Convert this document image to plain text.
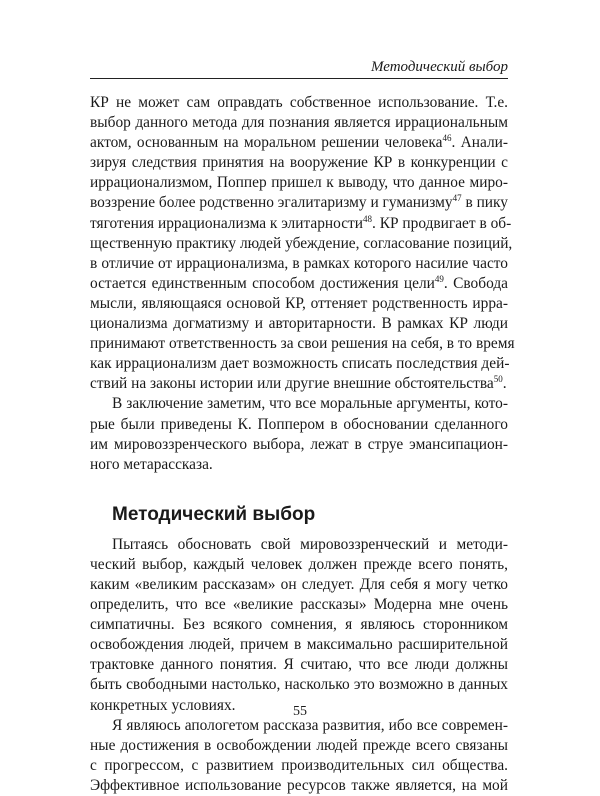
Методический выбор
КР не может сам оправдать собственное использование. Т.е.
выбор данного метода для познания является иррациональным
актом, основанным на моральном решении человека$^{46}$. Анали-
зируя следствия принятия на вооружение КР в конкуренции с
иррационализмом, Поппер пришел к выводу, что данное миро-
воззрение более родственно эгалитаризму и гуманизму$^{47}$ в пику
тяготения иррационализма к элитарности$^{48}$. КР продвигает в об-
щественную практику людей убеждение, согласование позиций,
в отличие от иррационализма, в рамках которого насилие часто
остается единственным способом достижения цели$^{49}$. Свобода
мысли, являющаяся основой КР, оттеняет родственность ирра-
ционализма догматизму и авторитарности. В рамках КР люди
принимают ответственность за свои решения на себя, в то время
как иррационализм дает возможность списать последствия дей-
ствий на законы истории или другие внешние обстоятельства$^{50}$.
В заключение заметим, что все моральные аргументы, кото-
рые были приведены К. Поппером в обосновании сделанного
им мировоззренческого выбора, лежат в струе эмансипацион-
ного метарассказа.
Методический выбор
Пытаясь обосновать свой мировоззренческий и методи-
ческий выбор, каждый человек должен прежде всего понять,
каким «великим рассказам» он следует. Для себя я могу четко
определить, что все «великие рассказы» Модерна мне очень
симпатичны. Без всякого сомнения, я являюсь сторонником
освобождения людей, причем в максимально расширительной
трактовке данного понятия. Я считаю, что все люди должны
быть свободными настолько, насколько это возможно в данных
конкретных условиях.
Я являюсь апологетом рассказа развития, ибо все современ-
ные достижения в освобождении людей прежде всего связаны
с прогрессом, с развитием производительных сил общества.
Эффективное использование ресурсов также является, на мой
55
